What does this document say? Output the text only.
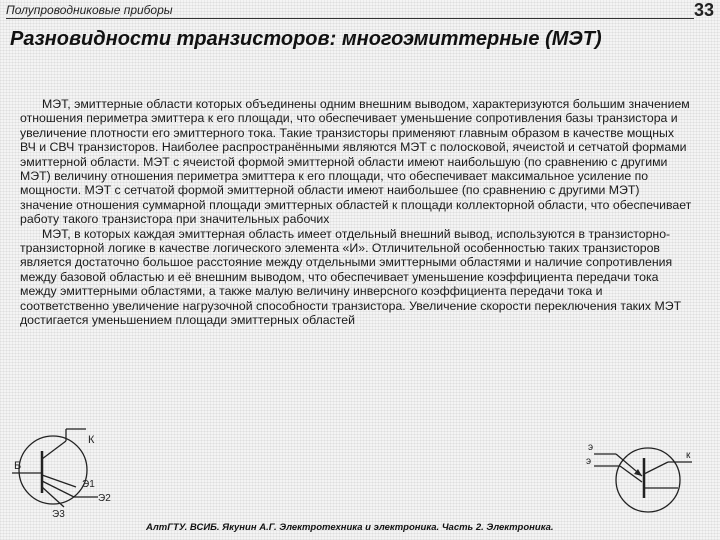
Полупроводниковые приборы	33
Разновидности транзисторов: многоэмиттерные (МЭТ)

МЭТ, эмиттерные области которых объединены одним внешним выводом, характеризуются большим значением отношения периметра эмиттера к его площади, что обеспечивает уменьшение сопротивления базы транзистора и увеличение плотности его эмиттерного тока. Такие транзисторы применяют главным образом в качестве мощных ВЧ и СВЧ транзисторов. Наиболее распространёнными являются МЭТ с полосковой, ячеистой и сетчатой формами эмиттерной области. МЭТ с ячеистой формой эмиттерной области имеют наибольшую (по сравнению с другими МЭТ) величину отношения периметра эмиттера к его площади, что обеспечивает максимальное усиление по мощности. МЭТ с сетчатой формой эмиттерной области имеют наибольшее (по сравнению с другими МЭТ) значение отношения суммарной площади эмиттерных областей к площади коллекторной области, что обеспечивает работу такого транзистора при значительных рабочих

МЭТ, в которых каждая эмиттерная область имеет отдельный внешний вывод, используются в транзисторно-транзисторной логике в качестве логического элемента «И». Отличительной особенностью таких транзисторов является достаточно большое расстояние между отдельными эмиттерными областями и наличие сопротивления между базовой областью и её внешним выводом, что обеспечивает уменьшение коэффициента передачи тока между эмиттерными областями, а также малую величину инверсного коэффициента передачи тока и соответственно увеличение нагрузочной способности транзистора. Увеличение скорости переключения таких МЭТ достигается уменьшением площади эмиттерных областей

К
Б
Э1
Э2
Э3
э
э
к
АлтГТУ. ВСИБ. Якунин А.Г. Электротехника и электроника. Часть 2. Электроника.
